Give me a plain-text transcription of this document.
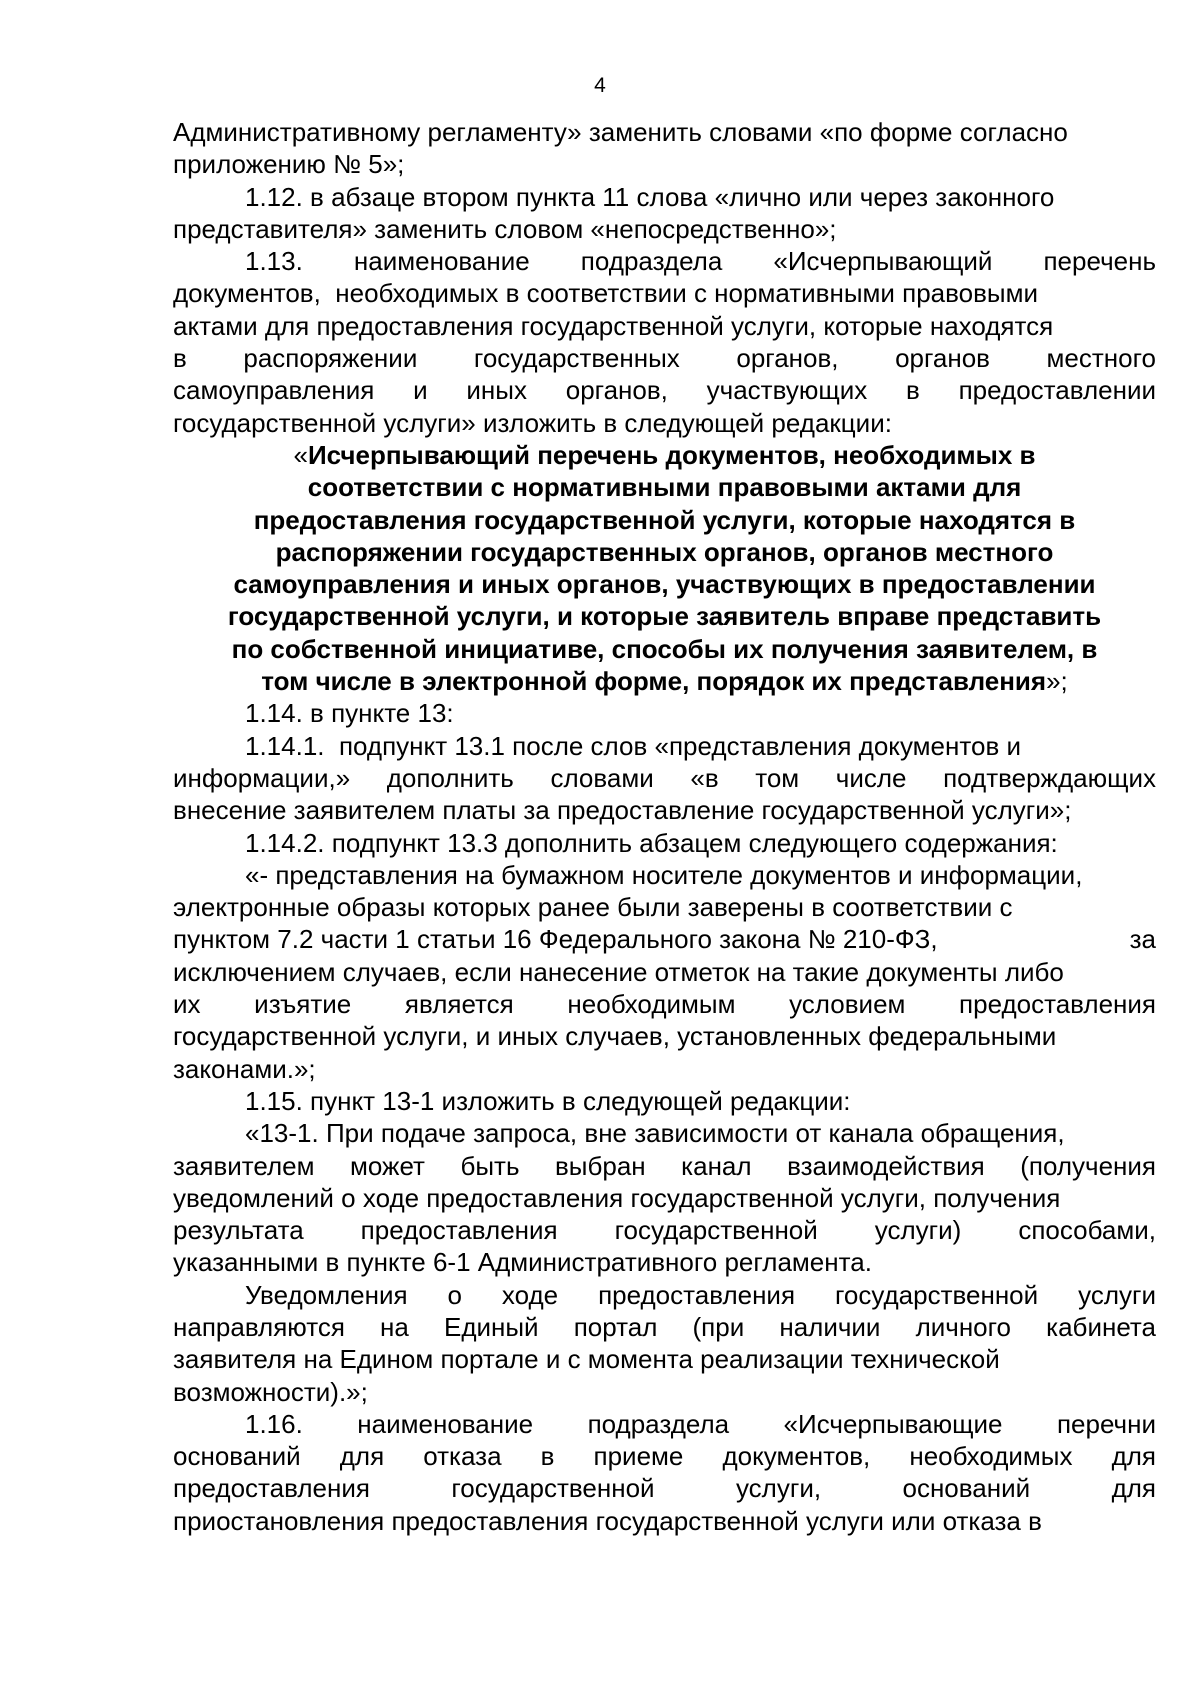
4
Административному регламенту» заменить словами «по форме согласно
приложению № 5»;
1.12. в абзаце втором пункта 11 слова «лично или через законного
представителя» заменить словом «непосредственно»;
1.13. наименование подраздела «Исчерпывающий перечень
документов,  необходимых в соответствии с нормативными правовыми
актами для предоставления государственной услуги, которые находятся
в распоряжении государственных органов, органов местного
самоуправления и иных органов, участвующих в предоставлении
государственной услуги» изложить в следующей редакции:
«Исчерпывающий перечень документов, необходимых в
соответствии с нормативными правовыми актами для
предоставления государственной услуги, которые находятся в
распоряжении государственных органов, органов местного
самоуправления и иных органов, участвующих в предоставлении
государственной услуги, и которые заявитель вправе представить
по собственной инициативе, способы их получения заявителем, в
том числе в электронной форме, порядок их представления»;
1.14. в пункте 13:
1.14.1.  подпункт 13.1 после слов «представления документов и
информации,» дополнить словами «в том числе подтверждающих
внесение заявителем платы за предоставление государственной услуги»;
1.14.2. подпункт 13.3 дополнить абзацем следующего содержания:
«- представления на бумажном носителе документов и информации,
электронные образы которых ранее были заверены в соответствии с
пунктом 7.2 части 1 статьи 16 Федерального закона № 210-ФЗ,	за
исключением случаев, если нанесение отметок на такие документы либо
их изъятие является необходимым условием предоставления
государственной услуги, и иных случаев, установленных федеральными
законами.»;
1.15. пункт 13-1 изложить в следующей редакции:
«13-1. При подаче запроса, вне зависимости от канала обращения,
заявителем может быть выбран канал взаимодействия (получения
уведомлений о ходе предоставления государственной услуги, получения
результата предоставления государственной услуги) способами,
указанными в пункте 6-1 Административного регламента.
Уведомления о ходе предоставления государственной услуги
направляются на Единый портал (при наличии личного кабинета
заявителя на Едином портале и с момента реализации технической
возможности).»;
1.16. наименование подраздела «Исчерпывающие перечни
оснований для отказа в приеме документов, необходимых для
предоставления государственной услуги, оснований для
приостановления предоставления государственной услуги или отказа в
